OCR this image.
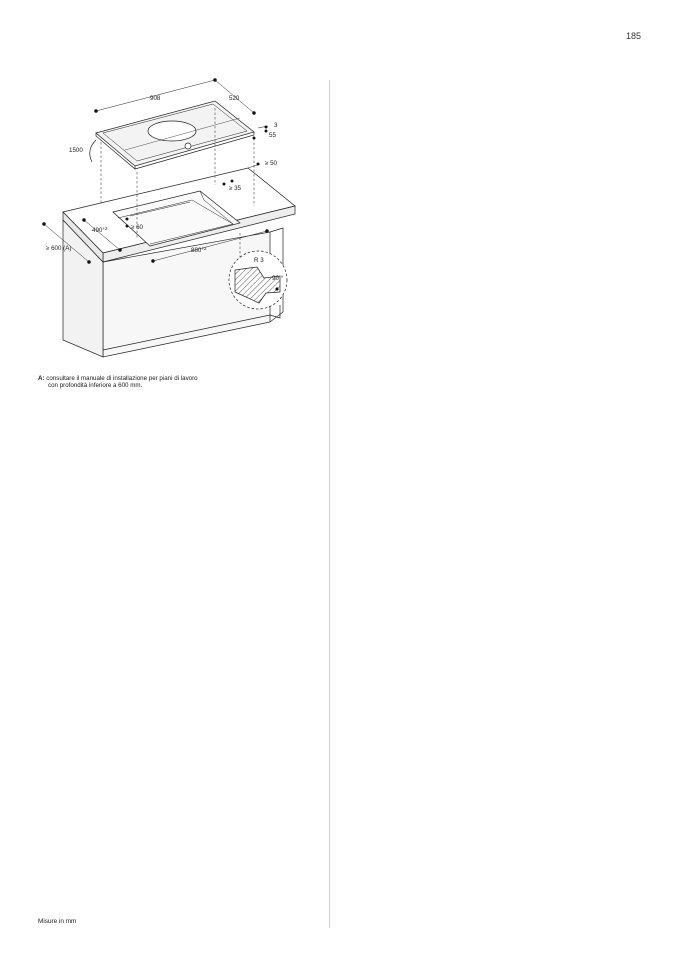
185
908	520
3
55
1500
≥ 50
≥ 35
≥ 60
$490^{+2}$
$880^{+2}$
≥ 600 (A)
R 3
90 °
A: consultare il manuale di installazione per piani di lavoro
con profondità inferiore a 600 mm.
Misure in mm
